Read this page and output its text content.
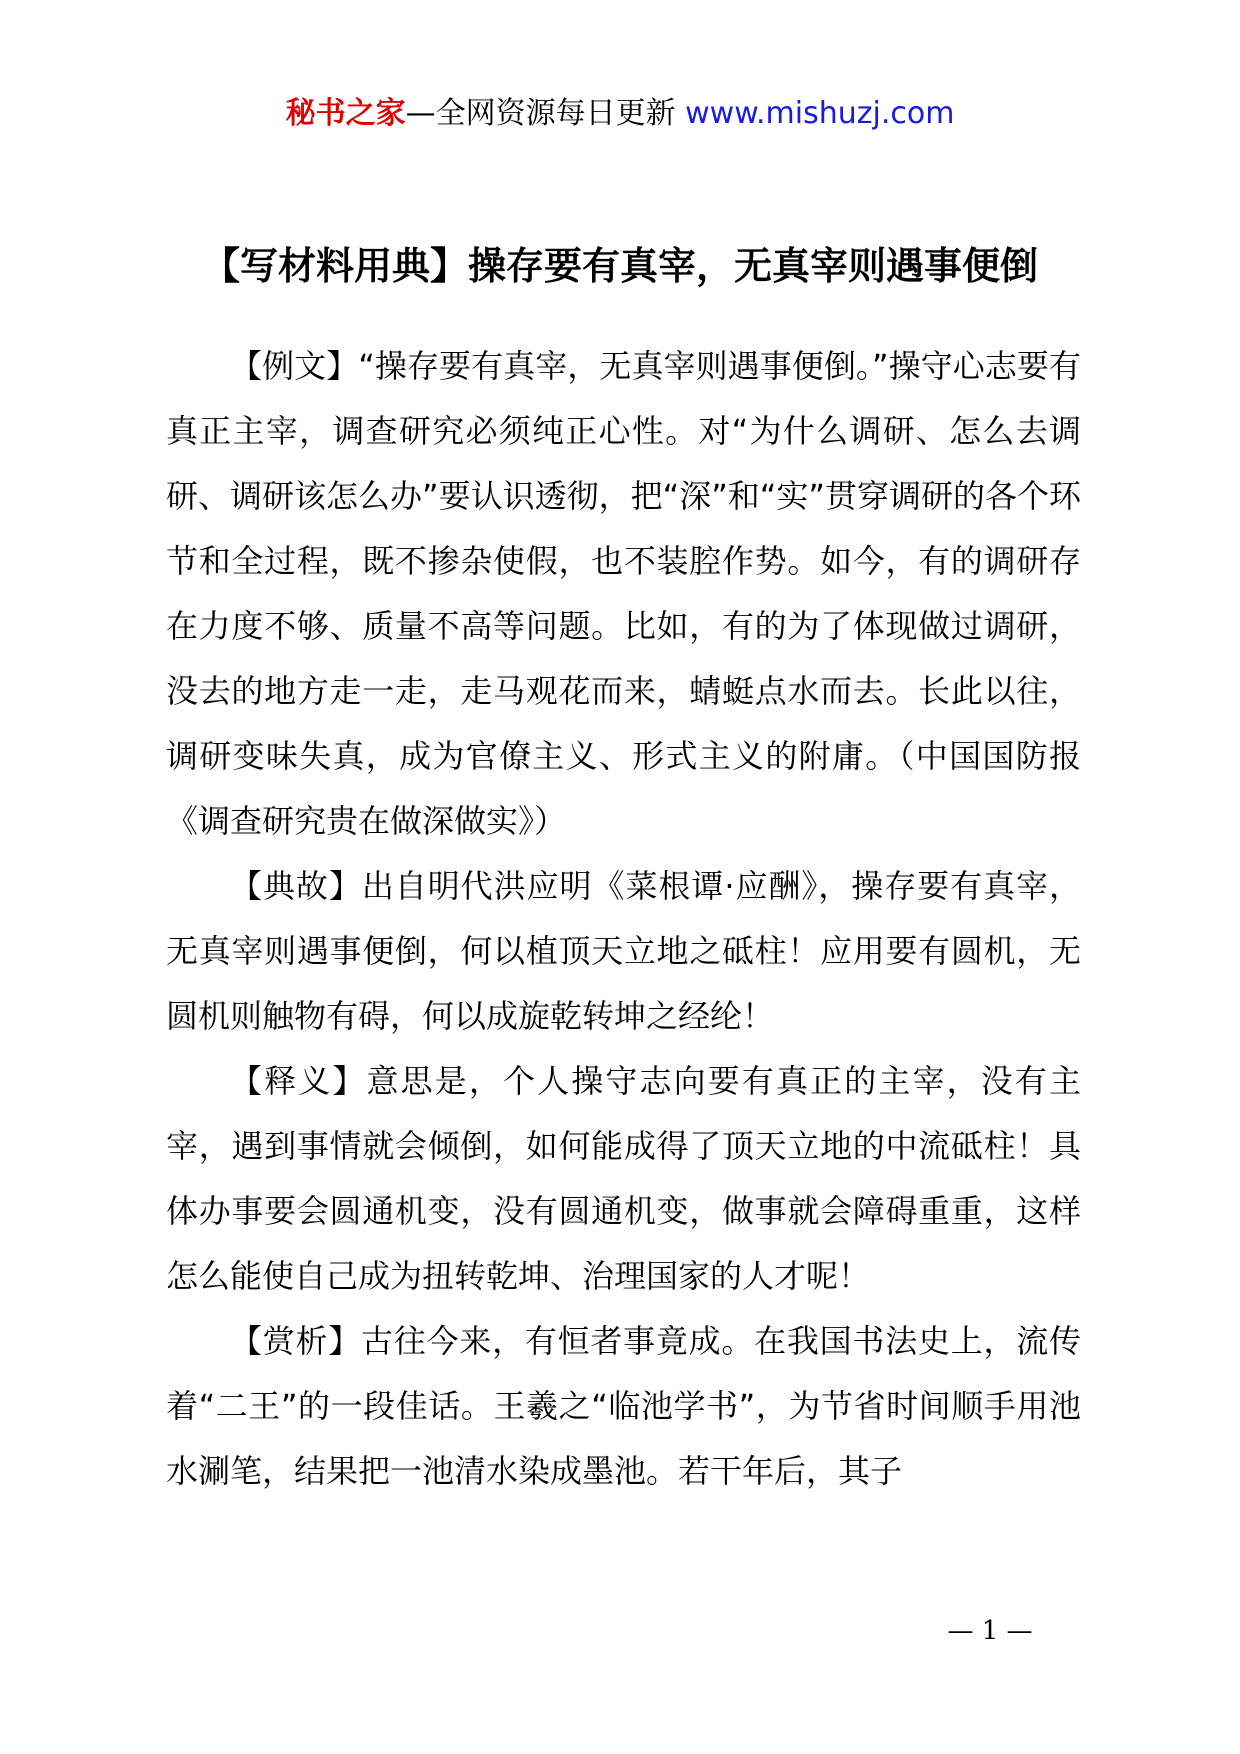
秘书之家—全网资源每日更新 www.mishuzj.com
【写材料用典】操存要有真宰，无真宰则遇事便倒

【例文】“操存要有真宰，无真宰则遇事便倒。”操守心志要有真正主宰，调查研究必须纯正心性。对“为什么调研、怎么去调研、调研该怎么办”要认识透彻，把“深”和“实”贯穿调研的各个环节和全过程，既不掺杂使假，也不装腔作势。如今，有的调研存在力度不够、质量不高等问题。比如，有的为了体现做过调研，没去的地方走一走，走马观花而来，蜻蜓点水而去。长此以往，调研变味失真，成为官僚主义、形式主义的附庸。（中国国防报《调查研究贵在做深做实》）

【典故】出自明代洪应明《菜根谭·应酬》，操存要有真宰，无真宰则遇事便倒，何以植顶天立地之砥柱！应用要有圆机，无圆机则触物有碍，何以成旋乾转坤之经纶！

【释义】意思是，个人操守志向要有真正的主宰，没有主宰，遇到事情就会倾倒，如何能成得了顶天立地的中流砥柱！具体办事要会圆通机变，没有圆通机变，做事就会障碍重重，这样怎么能使自己成为扭转乾坤、治理国家的人才呢！

【赏析】古往今来，有恒者事竟成。在我国书法史上，流传着“二王”的一段佳话。王羲之“临池学书”，为节省时间顺手用池水涮笔，结果把一池清水染成墨池。若干年后，其子

— 1 —
